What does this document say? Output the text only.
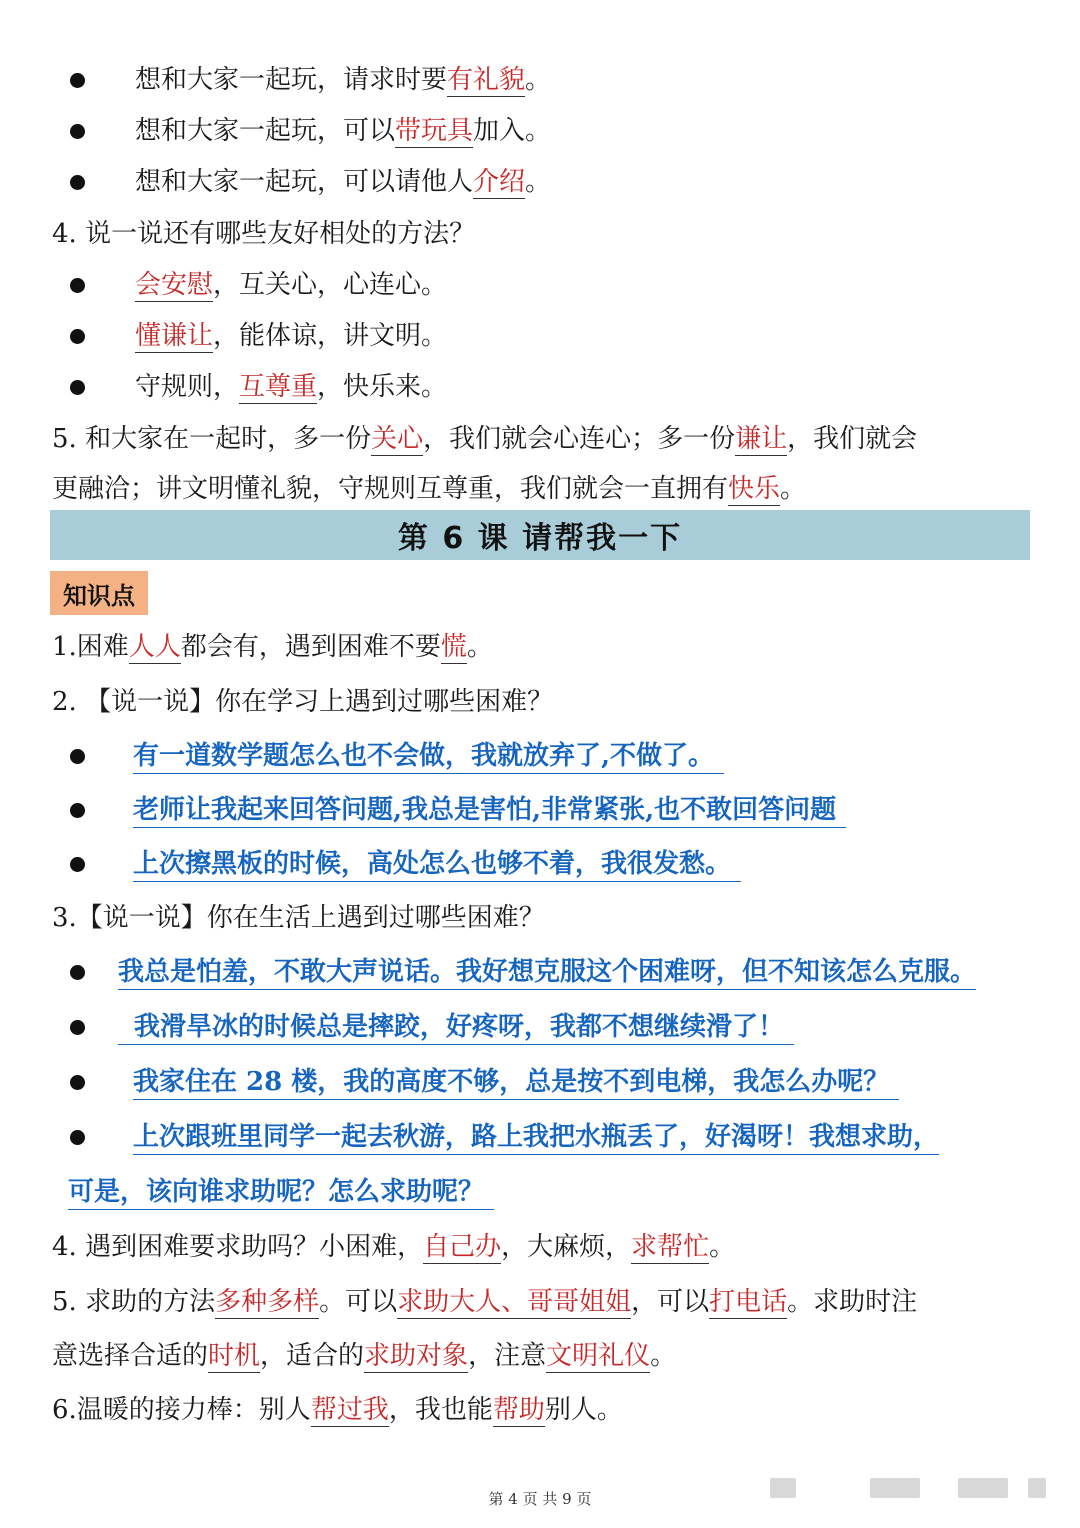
想和大家一起玩，请求时要有礼貌。
想和大家一起玩，可以带玩具加入。
想和大家一起玩，可以请他人介绍。
4. 说一说还有哪些友好相处的方法？
会安慰，互关心，心连心。
懂谦让，能体谅，讲文明。
守规则，互尊重，快乐来。
5. 和大家在一起时，多一份关心，我们就会心连心；多一份谦让，我们就会
更融洽；讲文明懂礼貌，守规则互尊重，我们就会一直拥有快乐。
第 6 课 请帮我一下
知识点
1.困难人人都会有，遇到困难不要慌。
2. 【说一说】你在学习上遇到过哪些困难？
有一道数学题怎么也不会做，我就放弃了,不做了。
老师让我起来回答问题,我总是害怕,非常紧张,也不敢回答问题
上次擦黑板的时候，高处怎么也够不着，我很发愁。
3.【说一说】你在生活上遇到过哪些困难？
我总是怕羞，不敢大声说话。我好想克服这个困难呀，但不知该怎么克服。
我滑旱冰的时候总是摔跤，好疼呀，我都不想继续滑了！
我家住在 28 楼，我的高度不够，总是按不到电梯，我怎么办呢？
上次跟班里同学一起去秋游，路上我把水瓶丢了，好渴呀！我想求助，
可是，该向谁求助呢？怎么求助呢？
4. 遇到困难要求助吗？小困难，自己办，大麻烦，求帮忙。
5. 求助的方法多种多样。可以求助大人、哥哥姐姐，可以打电话。求助时注
意选择合适的时机，适合的求助对象，注意文明礼仪。
6.温暖的接力棒：别人帮过我，我也能帮助别人。
第 4 页 共 9 页
